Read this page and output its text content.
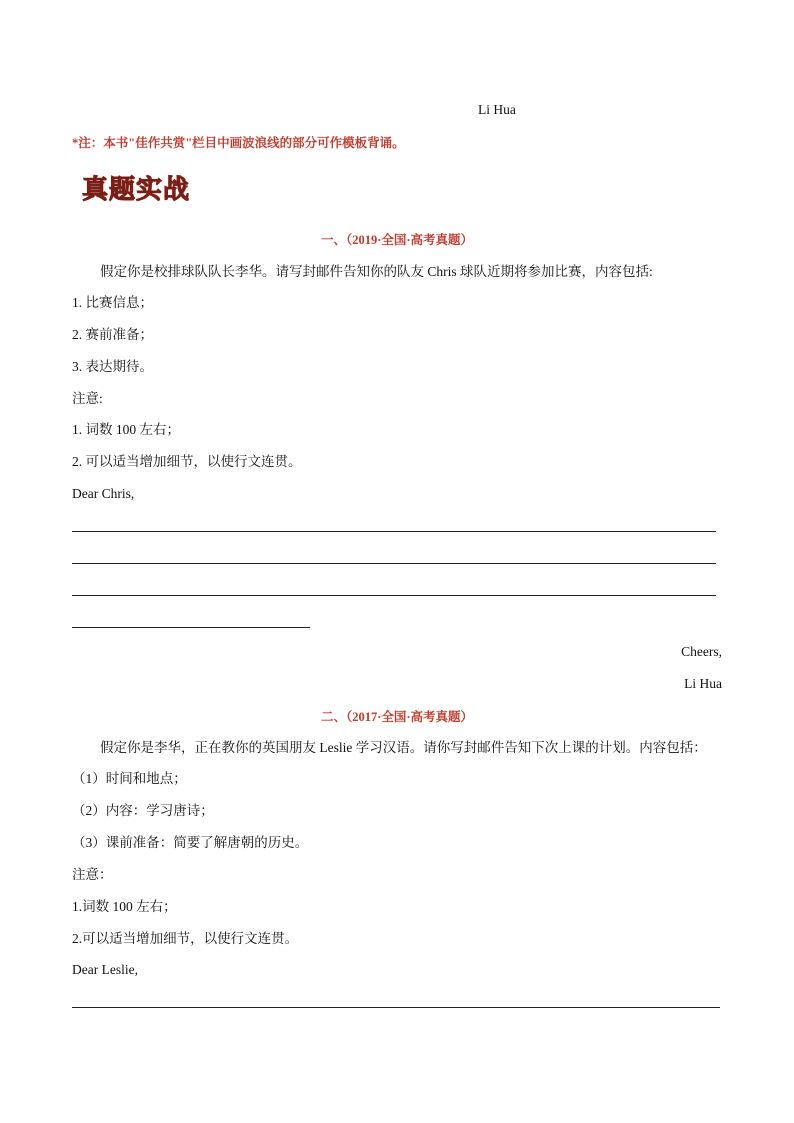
Li Hua
*注：本书"佳作共赏"栏目中画波浪线的部分可作模板背诵。
真题实战
一、（2019·全国·高考真题）
假定你是校排球队队长李华。请写封邮件告知你的队友 Chris 球队近期将参加比赛，内容包括:
1. 比赛信息；
2. 赛前准备；
3. 表达期待。
注意:
1. 词数 100 左右；
2. 可以适当增加细节，以使行文连贯。
Dear Chris,
Cheers,
Li Hua
二、（2017·全国·高考真题）
假定你是李华，正在教你的英国朋友 Leslie 学习汉语。请你写封邮件告知下次上课的计划。内容包括：
（1）时间和地点；
（2）内容：学习唐诗；
（3）课前准备：简要了解唐朝的历史。
注意：
1.词数 100 左右；
2.可以适当增加细节，以使行文连贯。
Dear Leslie,
